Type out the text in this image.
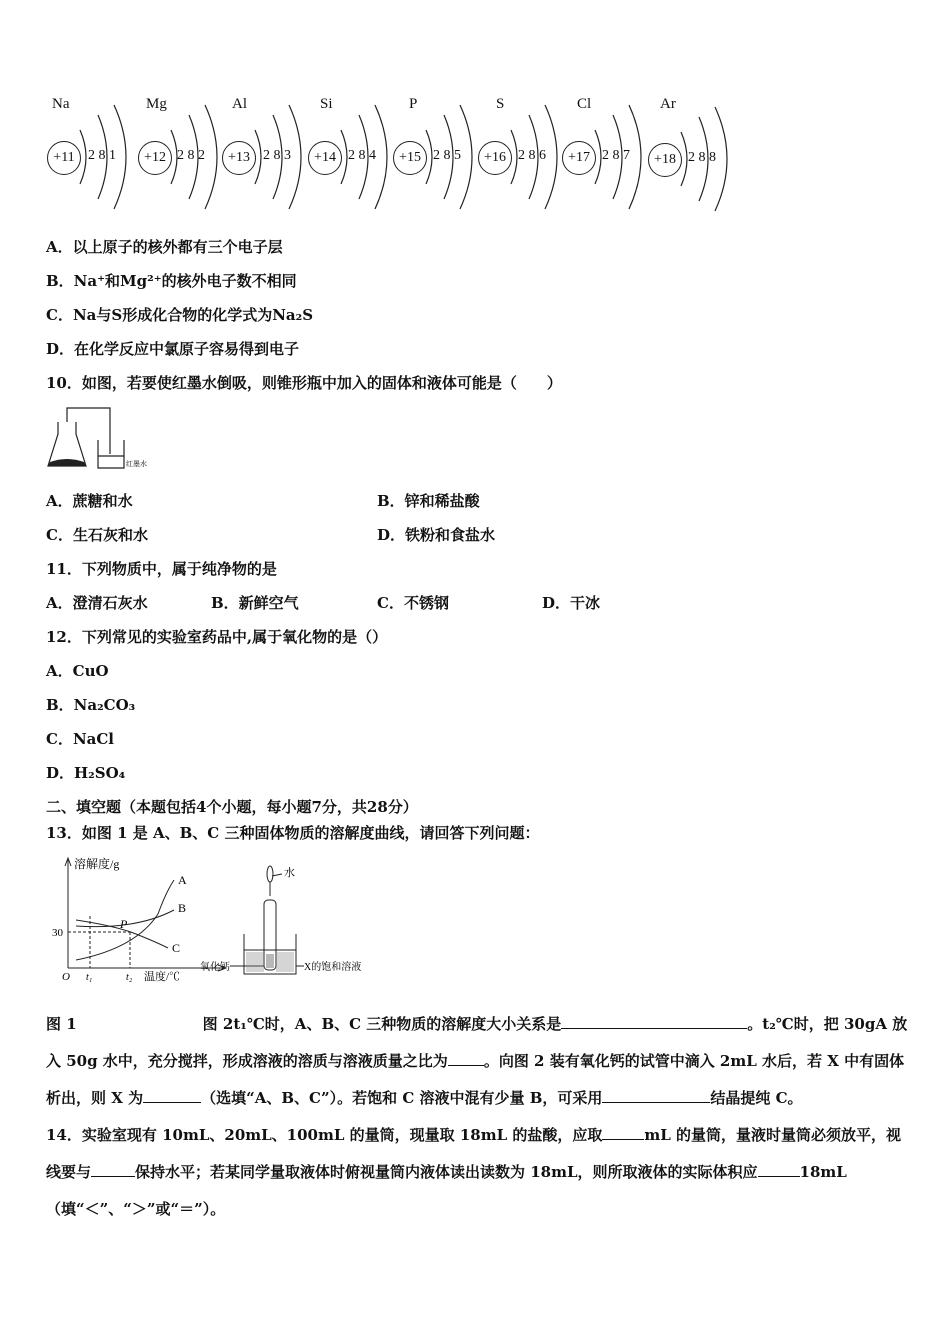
Na
+11 2 8 1
Mg
+12 2 8 2
Al
+13 2 8 3
Si
+14 2 8 4
P
+15 2 8 5
S
+16 2 8 6
Cl
+17 2 8 7
Ar
+18 2 8 8
A．以上原子的核外都有三个电子层
B．Na⁺和Mg²⁺的核外电子数不相同
C．Na与S形成化合物的化学式为Na₂S
D．在化学反应中氯原子容易得到电子
10．如图，若要使红墨水倒吸，则锥形瓶中加入的固体和液体可能是（　　）
红墨水
A．蔗糖和水	B．锌和稀盐酸
C．生石灰和水	D．铁粉和食盐水
11．下列物质中，属于纯净物的是
A．澄清石灰水	B．新鲜空气	C．不锈钢	D．干冰
12．下列常见的实验室药品中,属于氧化物的是（）
A．CuO
B．Na₂CO₃
C．NaCl
D．H₂SO₄
二、填空题（本题包括4个小题，每小题7分，共28分）
13．如图 1 是 A、B、C 三种固体物质的溶解度曲线，请回答下列问题：
溶解度/g
A
B
C
P
30
O t₁	t₂ 温度/℃
水
氧化钙	X的饱和溶液
图 1	图 2t₁℃时，A、B、C 三种物质的溶解度大小关系是	。t₂℃时，把 30gA 放入 50g 水中，充分搅拌，形成溶液的溶质与溶液质量之比为 。向图 2 装有氧化钙的试管中滴入 2mL 水后，若 X 中有固体析出，则 X 为	（选填“A、B、C”）。若饱和 C 溶液中混有少量 B，可采用	结晶提纯 C。
14．实验室现有 10mL、20mL、100mL 的量筒，现量取 18mL 的盐酸，应取	mL 的量筒，量液时量筒必须放平，视线要与	保持水平；若某同学量取液体时俯视量筒内液体读出读数为 18mL，则所取液体的实际体积应	18mL（填“＜”、“＞”或“＝”）。
